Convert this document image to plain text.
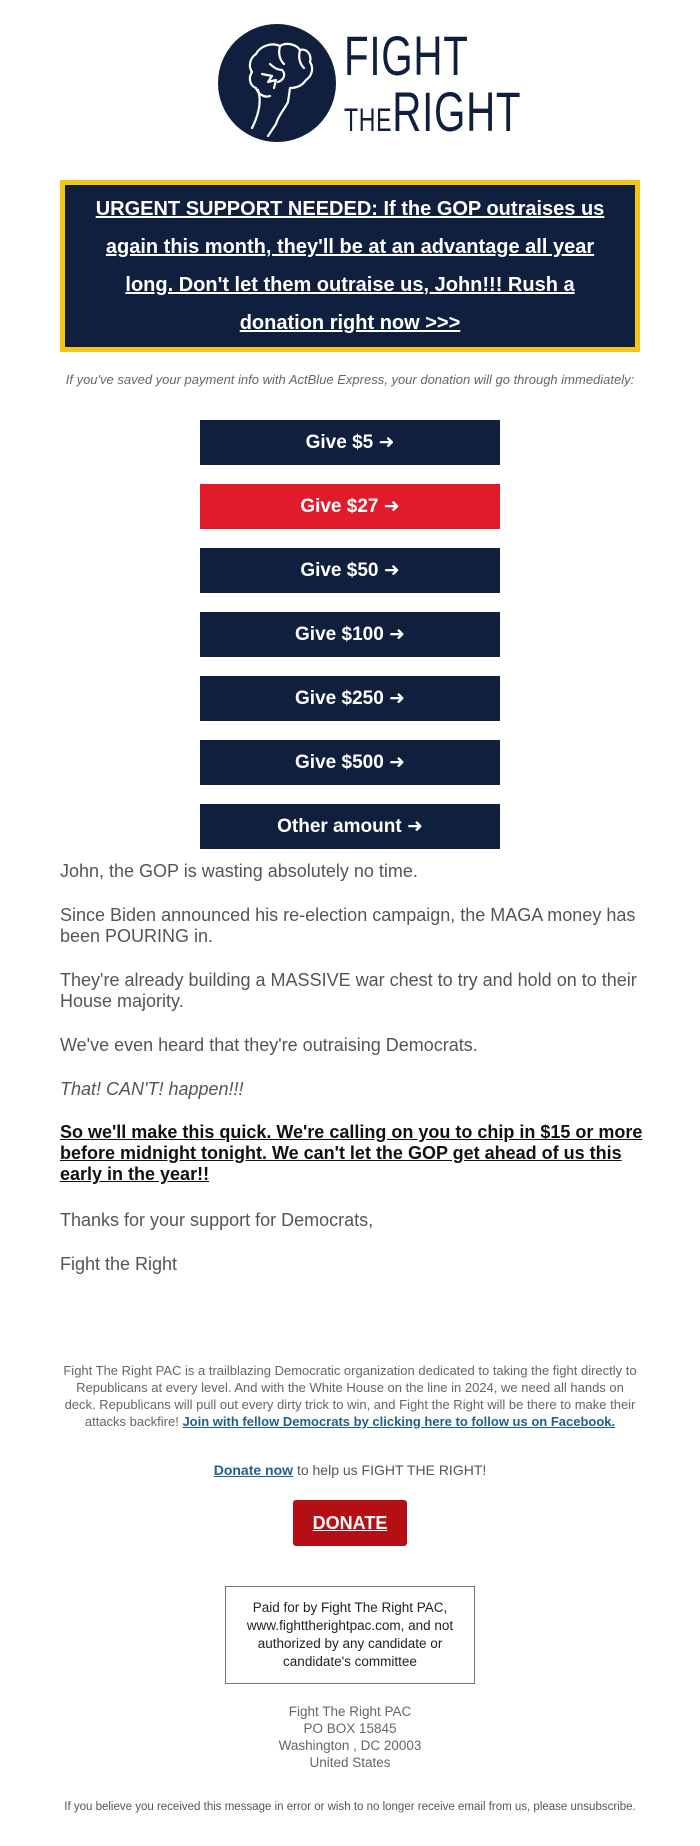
FIGHT
THERIGHT
URGENT SUPPORT NEEDED: If the GOP outraises us again this month, they'll be at an advantage all year long. Don't let them outraise us, John!!! Rush a donation right now >>>
If you've saved your payment info with ActBlue Express, your donation will go through immediately:
Give $5 ➜
Give $27 ➜
Give $50 ➜
Give $100 ➜
Give $250 ➜
Give $500 ➜
Other amount ➜

John, the GOP is wasting absolutely no time.

Since Biden announced his re-election campaign, the MAGA money has been POURING in.

They're already building a MASSIVE war chest to try and hold on to their House majority.

We've even heard that they're outraising Democrats.

That! CAN'T! happen!!!

So we'll make this quick. We're calling on you to chip in $15 or more before midnight tonight. We can't let the GOP get ahead of us this early in the year!!

Thanks for your support for Democrats,

Fight the Right

Fight The Right PAC is a trailblazing Democratic organization dedicated to taking the fight directly to Republicans at every level. And with the White House on the line in 2024, we need all hands on deck. Republicans will pull out every dirty trick to win, and Fight the Right will be there to make their attacks backfire! Join with fellow Democrats by clicking here to follow us on Facebook.
Donate now to help us FIGHT THE RIGHT!
DONATE
Paid for by Fight The Right PAC, www.fighttherightpac.com, and not authorized by any candidate or candidate's committee
Fight The Right PAC
PO BOX 15845
Washington , DC 20003
United States
If you believe you received this message in error or wish to no longer receive email from us, please unsubscribe.
